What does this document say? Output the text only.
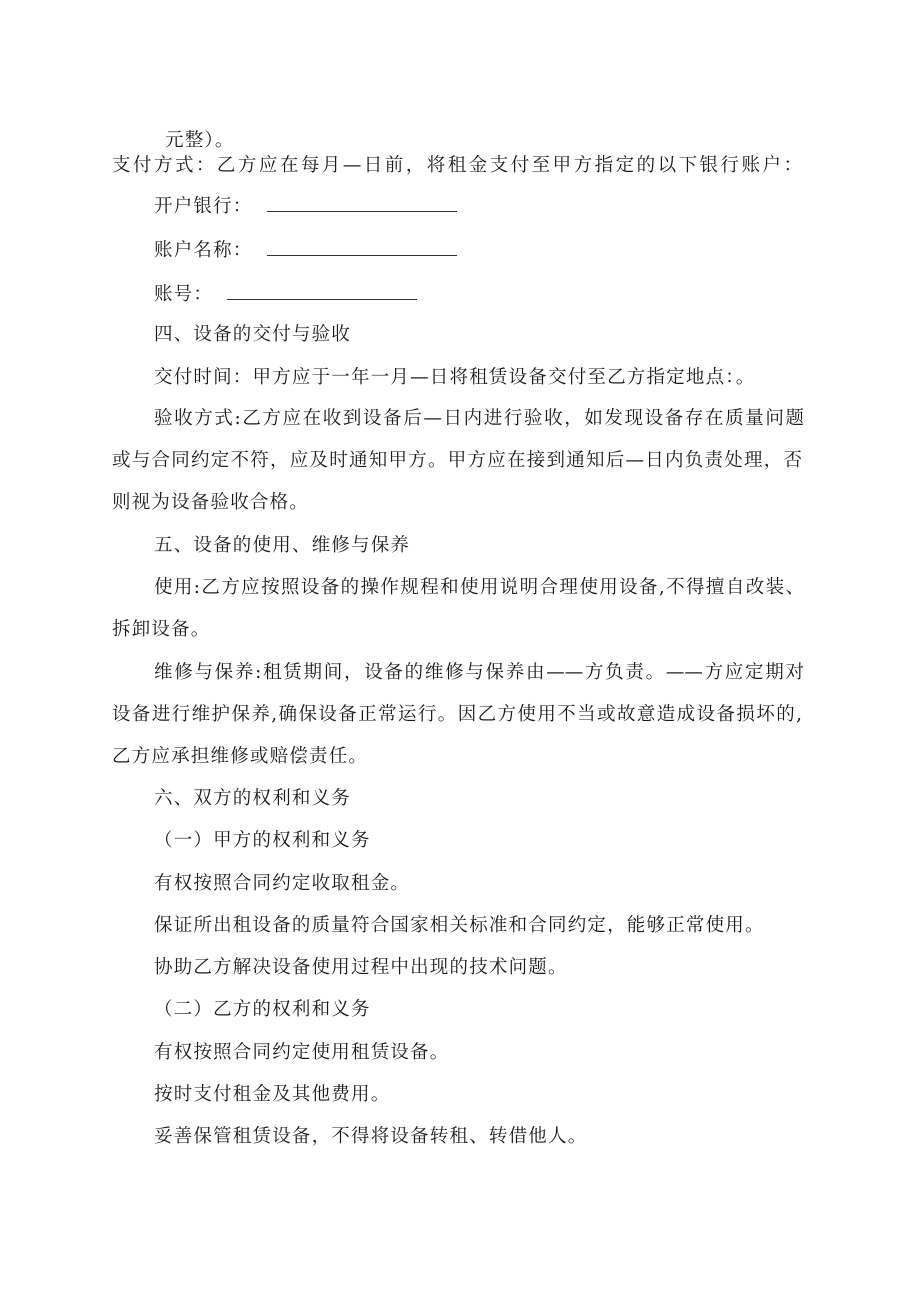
元整）。
支付方式：乙方应在每月—日前，将租金支付至甲方指定的以下银行账户：
开户银行：
账户名称：
账号：
四、设备的交付与验收
交付时间：甲方应于一年一月—日将租赁设备交付至乙方指定地点：。
验收方式:乙方应在收到设备后—日内进行验收，如发现设备存在质量问题
或与合同约定不符，应及时通知甲方。甲方应在接到通知后—日内负责处理，否
则视为设备验收合格。
五、设备的使用、维修与保养
使用:乙方应按照设备的操作规程和使用说明合理使用设备,不得擅自改装、
拆卸设备。
维修与保养:租赁期间，设备的维修与保养由——方负责。——方应定期对
设备进行维护保养,确保设备正常运行。因乙方使用不当或故意造成设备损坏的,
乙方应承担维修或赔偿责任。
六、双方的权利和义务
（一）甲方的权利和义务
有权按照合同约定收取租金。
保证所出租设备的质量符合国家相关标准和合同约定，能够正常使用。
协助乙方解决设备使用过程中出现的技术问题。
（二）乙方的权利和义务
有权按照合同约定使用租赁设备。
按时支付租金及其他费用。
妥善保管租赁设备，不得将设备转租、转借他人。
